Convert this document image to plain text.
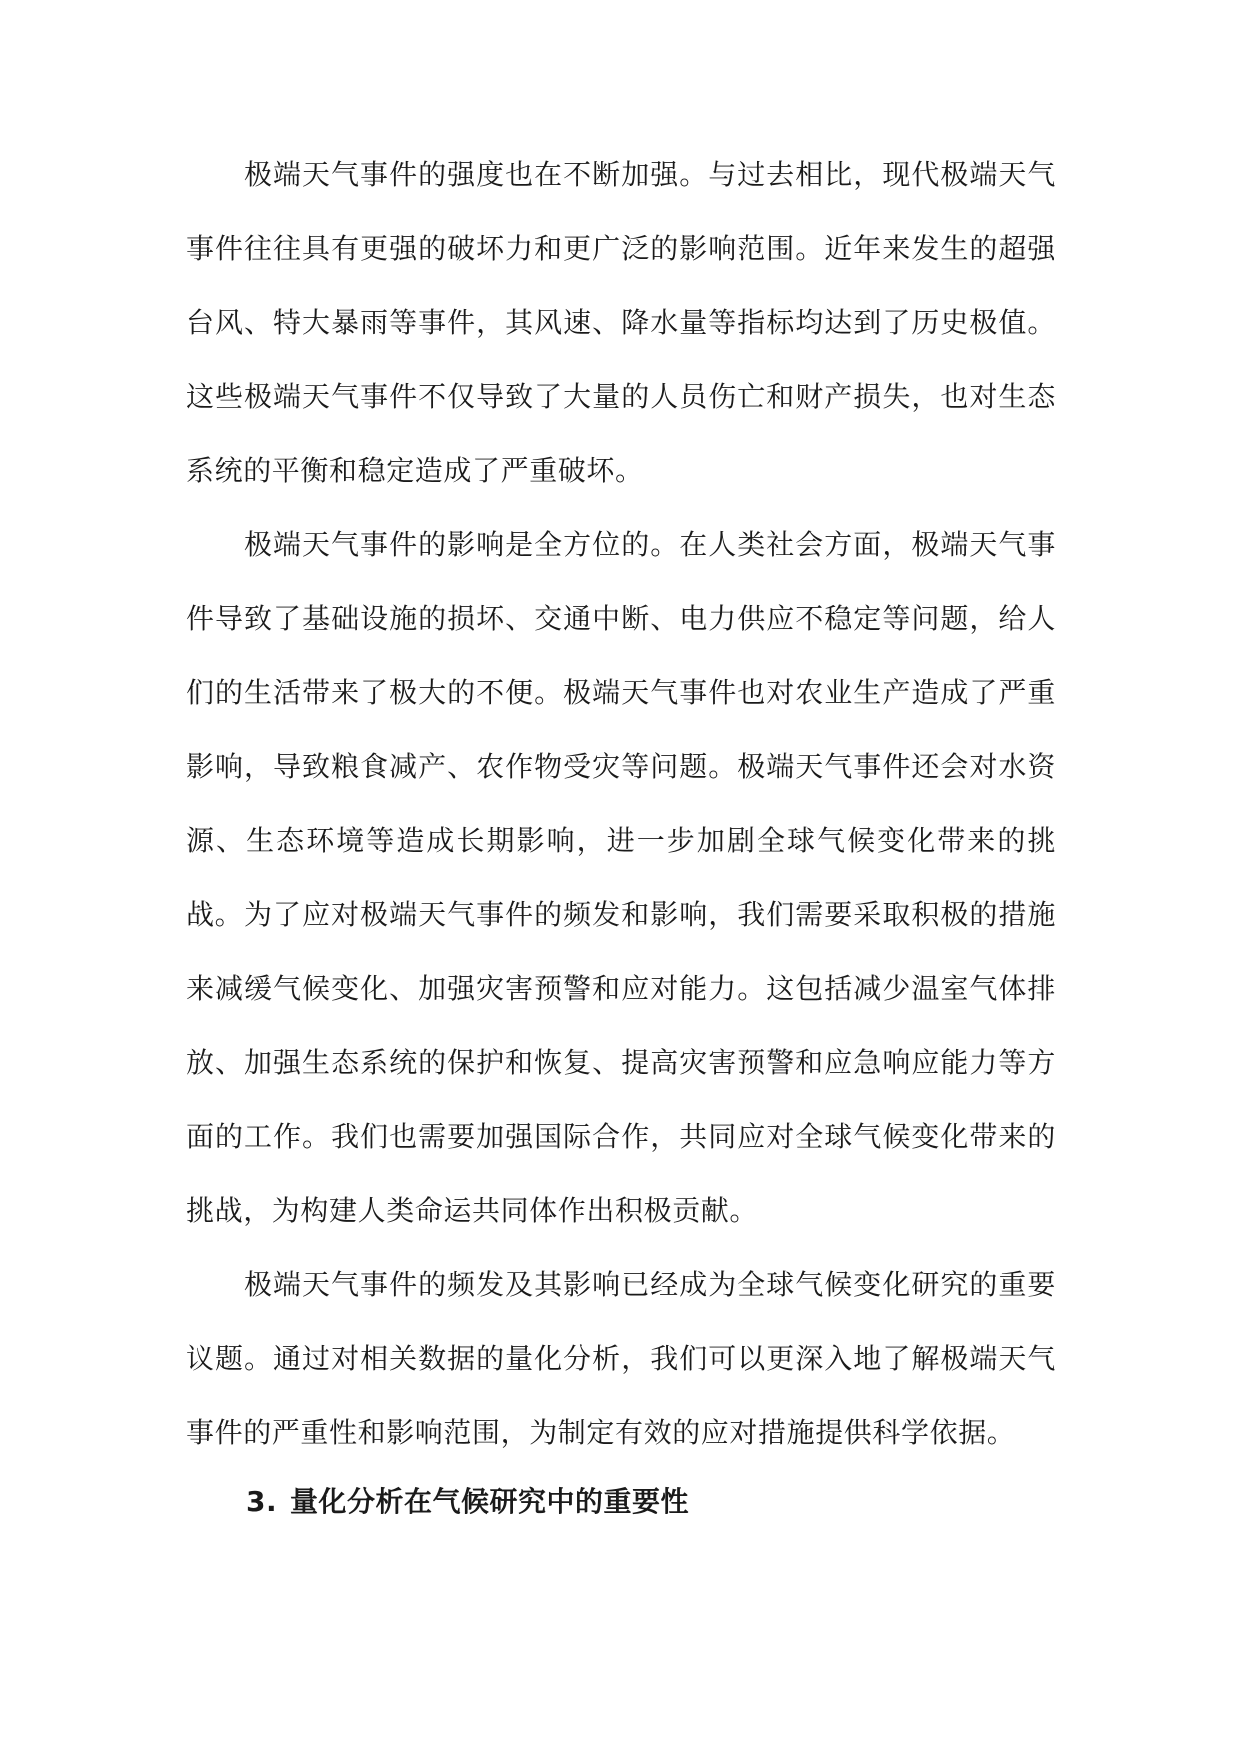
极端天气事件的强度也在不断加强。与过去相比，现代极端天气事件往往具有更强的破坏力和更广泛的影响范围。近年来发生的超强台风、特大暴雨等事件，其风速、降水量等指标均达到了历史极值。这些极端天气事件不仅导致了大量的人员伤亡和财产损失，也对生态系统的平衡和稳定造成了严重破坏。

极端天气事件的影响是全方位的。在人类社会方面，极端天气事件导致了基础设施的损坏、交通中断、电力供应不稳定等问题，给人们的生活带来了极大的不便。极端天气事件也对农业生产造成了严重影响，导致粮食减产、农作物受灾等问题。极端天气事件还会对水资源、生态环境等造成长期影响，进一步加剧全球气候变化带来的挑战。 为了应对极端天气事件的频发和影响，我们需要采取积极的措施来减缓气候变化、加强灾害预警和应对能力。这包括减少温室气体排放、加强生态系统的保护和恢复、提高灾害预警和应急响应能力等方面的工作。我们也需要加强国际合作，共同应对全球气候变化带来的挑战，为构建人类命运共同体作出积极贡献。

极端天气事件的频发及其影响已经成为全球气候变化研究的重要议题。通过对相关数据的量化分析，我们可以更深入地了解极端天气事件的严重性和影响范围，为制定有效的应对措施提供科学依据。

3. 量化分析在气候研究中的重要性
